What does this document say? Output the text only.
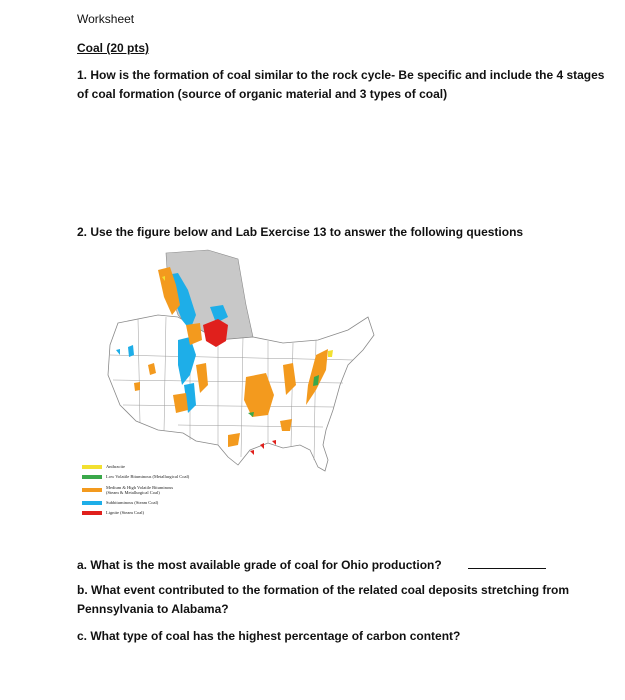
Worksheet
Coal (20 pts)
1. How is the formation of coal similar to the rock cycle- Be specific and include the 4 stages of coal formation (source of organic material and 3 types of coal)
2. Use the figure below and Lab Exercise 13 to answer the following questions
Anthracite
Low Volatile Bituminous (Metallurgical Coal)
Medium & High Volatile Bituminous
(Steam & Metallurgical Coal)
Subbituminous (Steam Coal)
Lignite (Steam Coal)
a. What is the most available grade of coal for Ohio production?
b. What event contributed to the formation of the related coal deposits stretching from Pennsylvania to Alabama?
c. What type of coal has the highest percentage of carbon content?
